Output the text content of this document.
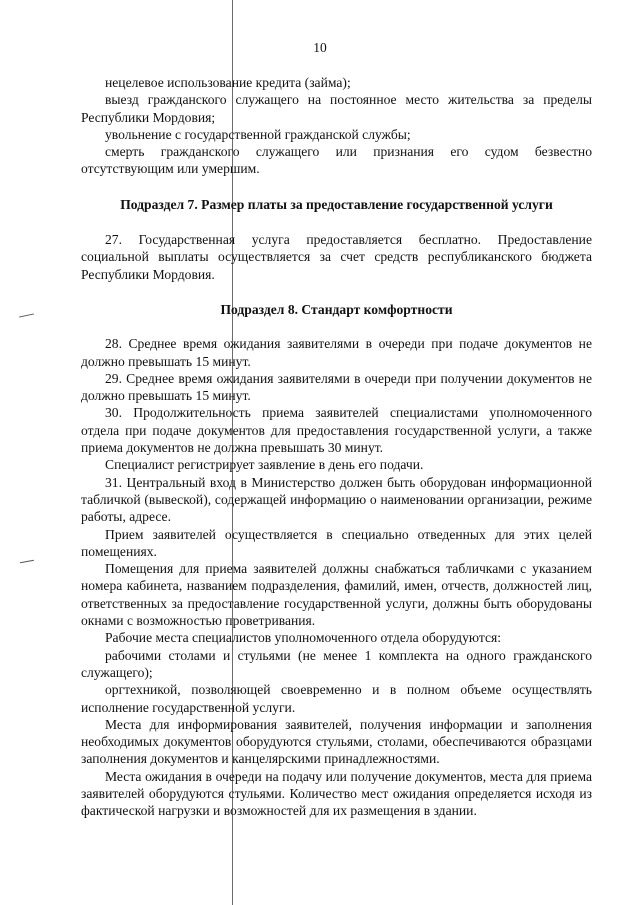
10

нецелевое использование кредита (займа);

выезд гражданского служащего на постоянное место жительства за пределы Республики Мордовия;

увольнение с государственной гражданской службы;

смерть гражданского служащего или признания его судом безвестно отсутствующим или умершим.

Подраздел 7. Размер платы за предоставление государственной услуги

27. Государственная услуга предоставляется бесплатно. Предоставление социальной выплаты осуществляется за счет средств республиканского бюджета Республики Мордовия.

Подраздел 8. Стандарт комфортности

28. Среднее время ожидания заявителями в очереди при подаче документов не должно превышать 15 минут.

29. Среднее время ожидания заявителями в очереди при получении документов не должно превышать 15 минут.

30. Продолжительность приема заявителей специалистами уполномоченного отдела при подаче документов для предоставления государственной услуги, а также приема документов не должна превышать 30 минут.

Специалист регистрирует заявление в день его подачи.

31. Центральный вход в Министерство должен быть оборудован информационной табличкой (вывеской), содержащей информацию о наименовании организации, режиме работы, адресе.

Прием заявителей осуществляется в специально отведенных для этих целей помещениях.

Помещения для приема заявителей должны снабжаться табличками с указанием номера кабинета, названием подразделения, фамилий, имен, отчеств, должностей лиц, ответственных за предоставление государственной услуги, должны быть оборудованы окнами с возможностью проветривания.

Рабочие места специалистов уполномоченного отдела оборудуются:

рабочими столами и стульями (не менее 1 комплекта на одного гражданского служащего);

оргтехникой, позволяющей своевременно и в полном объеме осуществлять исполнение государственной услуги.

Места для информирования заявителей, получения информации и заполнения необходимых документов оборудуются стульями, столами, обеспечиваются образцами заполнения документов и канцелярскими принадлежностями.

Места ожидания в очереди на подачу или получение документов, места для приема заявителей оборудуются стульями. Количество мест ожидания определяется исходя из фактической нагрузки и возможностей для их размещения в здании.
